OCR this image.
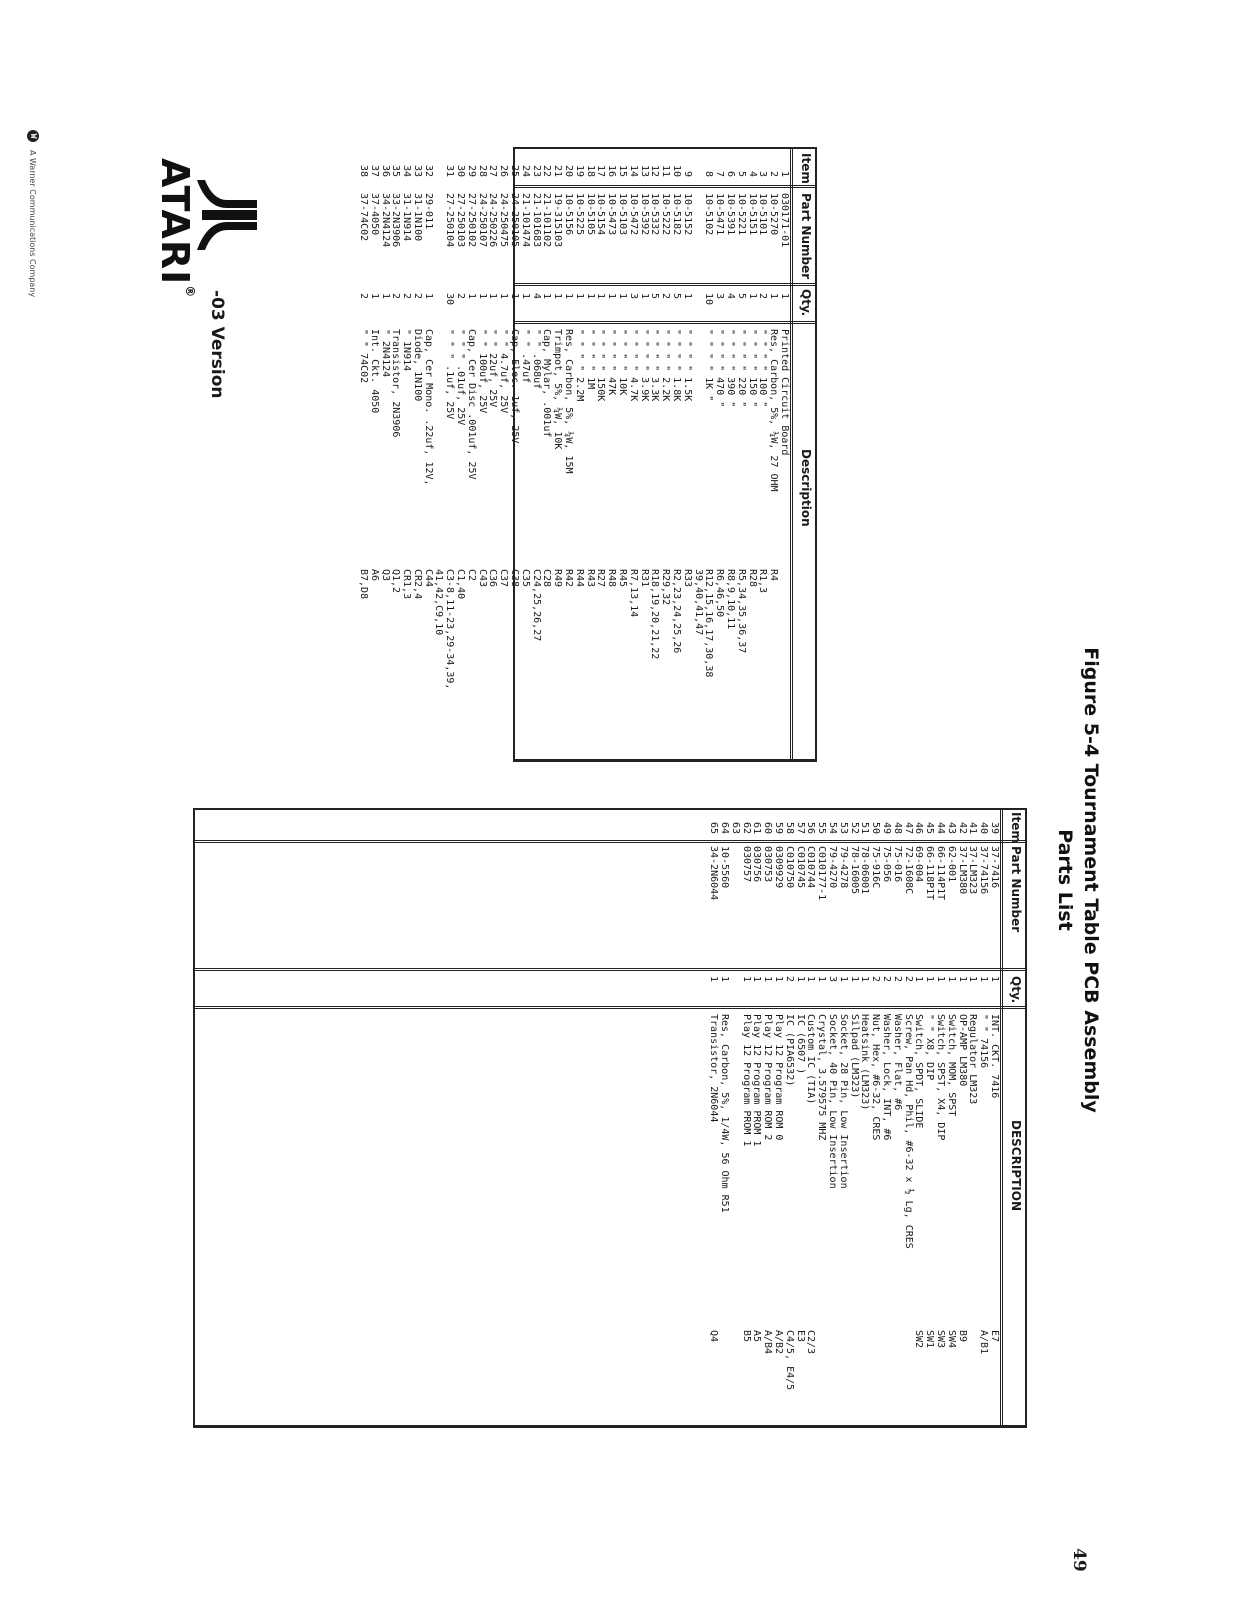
Figure 5-4 Tournament Table PCB Assembly
Parts List
49
ATARI® -03 Version
Item
Part Number
Qty.
Description
1
030171-01
1
Printed Circuit Board
2
10-5270
1
Res, Carbon, 5%, ¼W, 27 OHM
R4
3
10-5101
2
" " " " 100 "
R1,3
4
10-5151
1
" " " " 150 "
R28
5
10-5221
5
" " " " 220 "
R5,34,35,36,37
6
10-5391
4
" " " " 390 "
R8,9,10,11
7
10-5471
3
" " " " 470 "
R6,46,50
8
10-5102
10
" " " " 1K "
R12,15,16,17,30,38
39,40,41,47
9
10-5152
1
" " " " 1.5K
R33
10
10-5182
5
" " " " 1.8K
R2,23,24,25,26
11
10-5222
2
" " " " 2.2K
R29,32
12
10-5332
5
" " " " 3.3K
R18,19,20,21,22
13
10-5392
1
" " " " 3.9K
R31
14
10-5472
3
" " " " 4.7K
R7,13,14
15
10-5103
1
" " " " 10K
R45
16
10-5473
1
" " " " 47K
R48
17
10-5154
1
" " " " 150K
R27
18
10-5105
1
" " " " 1M
R43
19
10-5225
1
" " " " 2.2M
R44
20
10-5156
1
Res, Carbon, 5%, ¼W, 15M
R42
21
19-315103
1
Trimpot, 5%, ¼W, 10K
R49
22
21-101102
1
Cap, Mylar, .001uf
C28
23
21-101683
4
" " .068uf
C24,25,26,27
24
21-101474
1
" " .47uf
C35
25
24-250105
1
Cap, Elec. 1uf, 25V
C38
26
24-250475
1
" " 4.7uf, 25V
C37
27
24-250226
1
" " 22uf, 25V
C36
28
24-250107
1
" " 100uf, 25V
C43
29
27-250102
1
Cap, Cer Disc .001uf, 25V
C2
30
27-250103
2
" " " .01uf, 25V
C1,40
31
27-250104
30
" " " .1uf, 25V
C3-8,11-23,29-34,39,
41,42,C9,10
32
29-011
1
Cap, Cer Mono. .22uf, 12V,
C44
33
31-1N100
2
Diode, 1N100
CR2,4
34
31-1N914
2
" 1N914
CR1,3
35
33-2N3906
2
Transistor, 2N3906
Q1,2
36
34-2N4124
1
" 2N4124
Q3
37
37-4050
1
Int. Ckt. 4050
A6
38
37-74C02
2
" " 74C02
B7,D8
Item
Part Number
Qty.
DESCRIPTION
39
37-7416
1
INT. CKT. 7416
E7
40
37-74156
1
" " 74156
A/B1
41
37-LM323
1
Regulator LM323
42
37-LM380
1
OP-AMP LM380
B9
43
62-001
1
Switch, MOM, SPST
SW4
44
66-114P1T
1
Switch, SPST, X4, DIP
SW3
45
66-118P1T
1
" " X8, DIP
SW1
46
69-004
1
Switch, SPDT, SLIDE
SW2
47
72-1608C
2
Screw, Pan Hd, Phil, #6-32 x ½ Lg, CRES
48
75-016
2
Washer, Flat, #6
49
75-056
2
Washer, Lock, INT, #6
50
75-916C
2
Nut, Hex, #6-32, CRES
51
78-06001
1
Heatsink (LM323)
52
78-16005
1
Silpad (LM323)
53
79-4278
1
Socket, 28 Pin, Low Insertion
54
79-4270
3
Socket, 40 Pin, Low Insertion
55
C010177-1
1
Crystal, 3.579575 MHZ
56
C010744
1
Custom IC (TIA)
C2/3
57
C010745
1
IC (6507 )
E3
58
C010750
2
IC (PIA6532)
C4/5, E4/5
59
0309929
1
Play 12 Program ROM 0
A/B2
60
030753
1
Play 12 Program ROM 2
A/B4
61
030756
1
Play 12 Program PROM 1
A5
62
030757
1
Play 12 Program PROM 1
B5
63
64
10-5560
1
Res, Carbon, 5%, 1/4W, 56 Ohm R51
65
34-2N6044
1
Transistor, 2N6044
Q4
W
A Warner Communications Company
